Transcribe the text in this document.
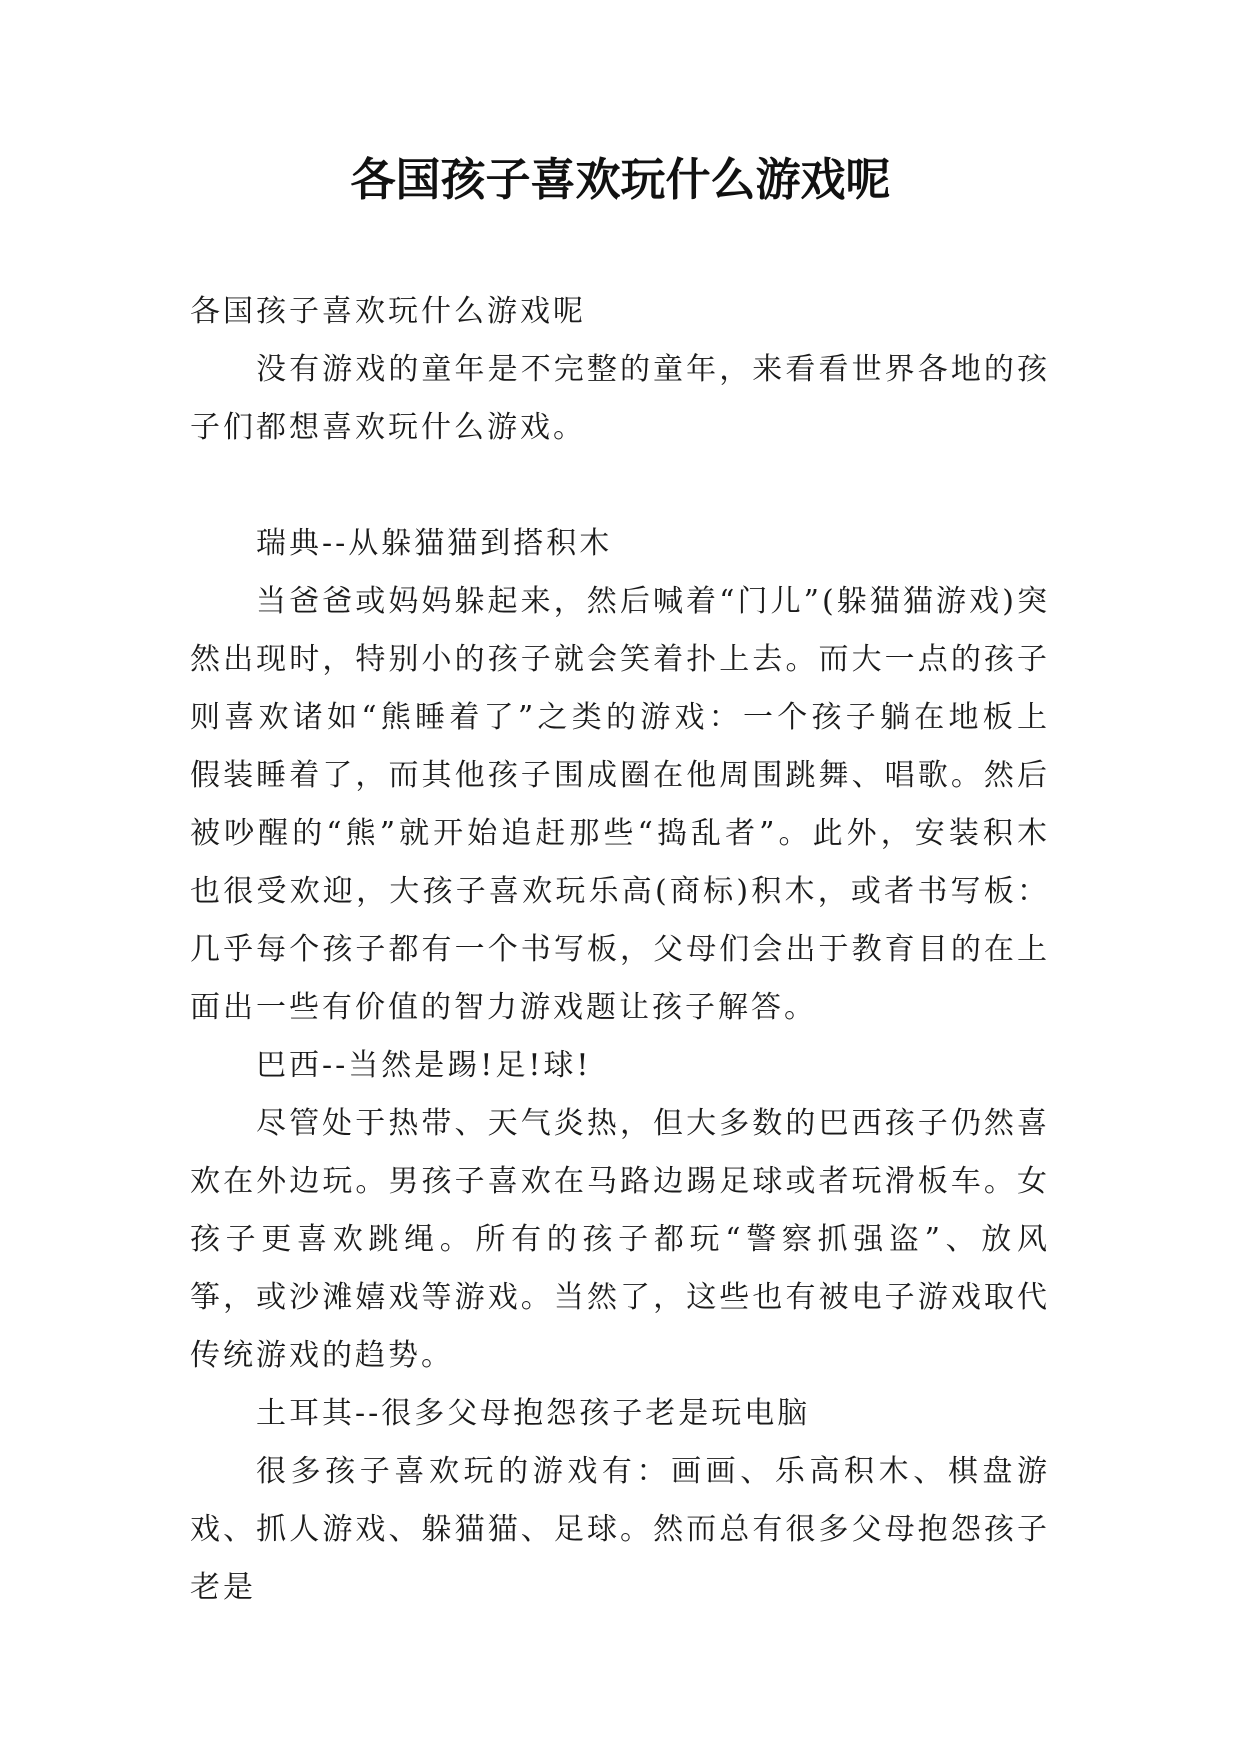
各国孩子喜欢玩什么游戏呢

各国孩子喜欢玩什么游戏呢

没有游戏的童年是不完整的童年，来看看世界各地的孩子们都想喜欢玩什么游戏。

瑞典--从躲猫猫到搭积木

当爸爸或妈妈躲起来，然后喊着“门儿”(躲猫猫游戏)突然出现时，特别小的孩子就会笑着扑上去。而大一点的孩子则喜欢诸如“熊睡着了”之类的游戏：一个孩子躺在地板上假装睡着了，而其他孩子围成圈在他周围跳舞、唱歌。然后被吵醒的“熊”就开始追赶那些“捣乱者”。此外，安装积木也很受欢迎，大孩子喜欢玩乐高(商标)积木，或者书写板：几乎每个孩子都有一个书写板，父母们会出于教育目的在上面出一些有价值的智力游戏题让孩子解答。

巴西--当然是踢!足!球!

尽管处于热带、天气炎热，但大多数的巴西孩子仍然喜欢在外边玩。男孩子喜欢在马路边踢足球或者玩滑板车。女孩子更喜欢跳绳。所有的孩子都玩“警察抓强盗”、放风筝，或沙滩嬉戏等游戏。当然了，这些也有被电子游戏取代传统游戏的趋势。

土耳其--很多父母抱怨孩子老是玩电脑

很多孩子喜欢玩的游戏有：画画、乐高积木、棋盘游戏、抓人游戏、躲猫猫、足球。然而总有很多父母抱怨孩子老是
